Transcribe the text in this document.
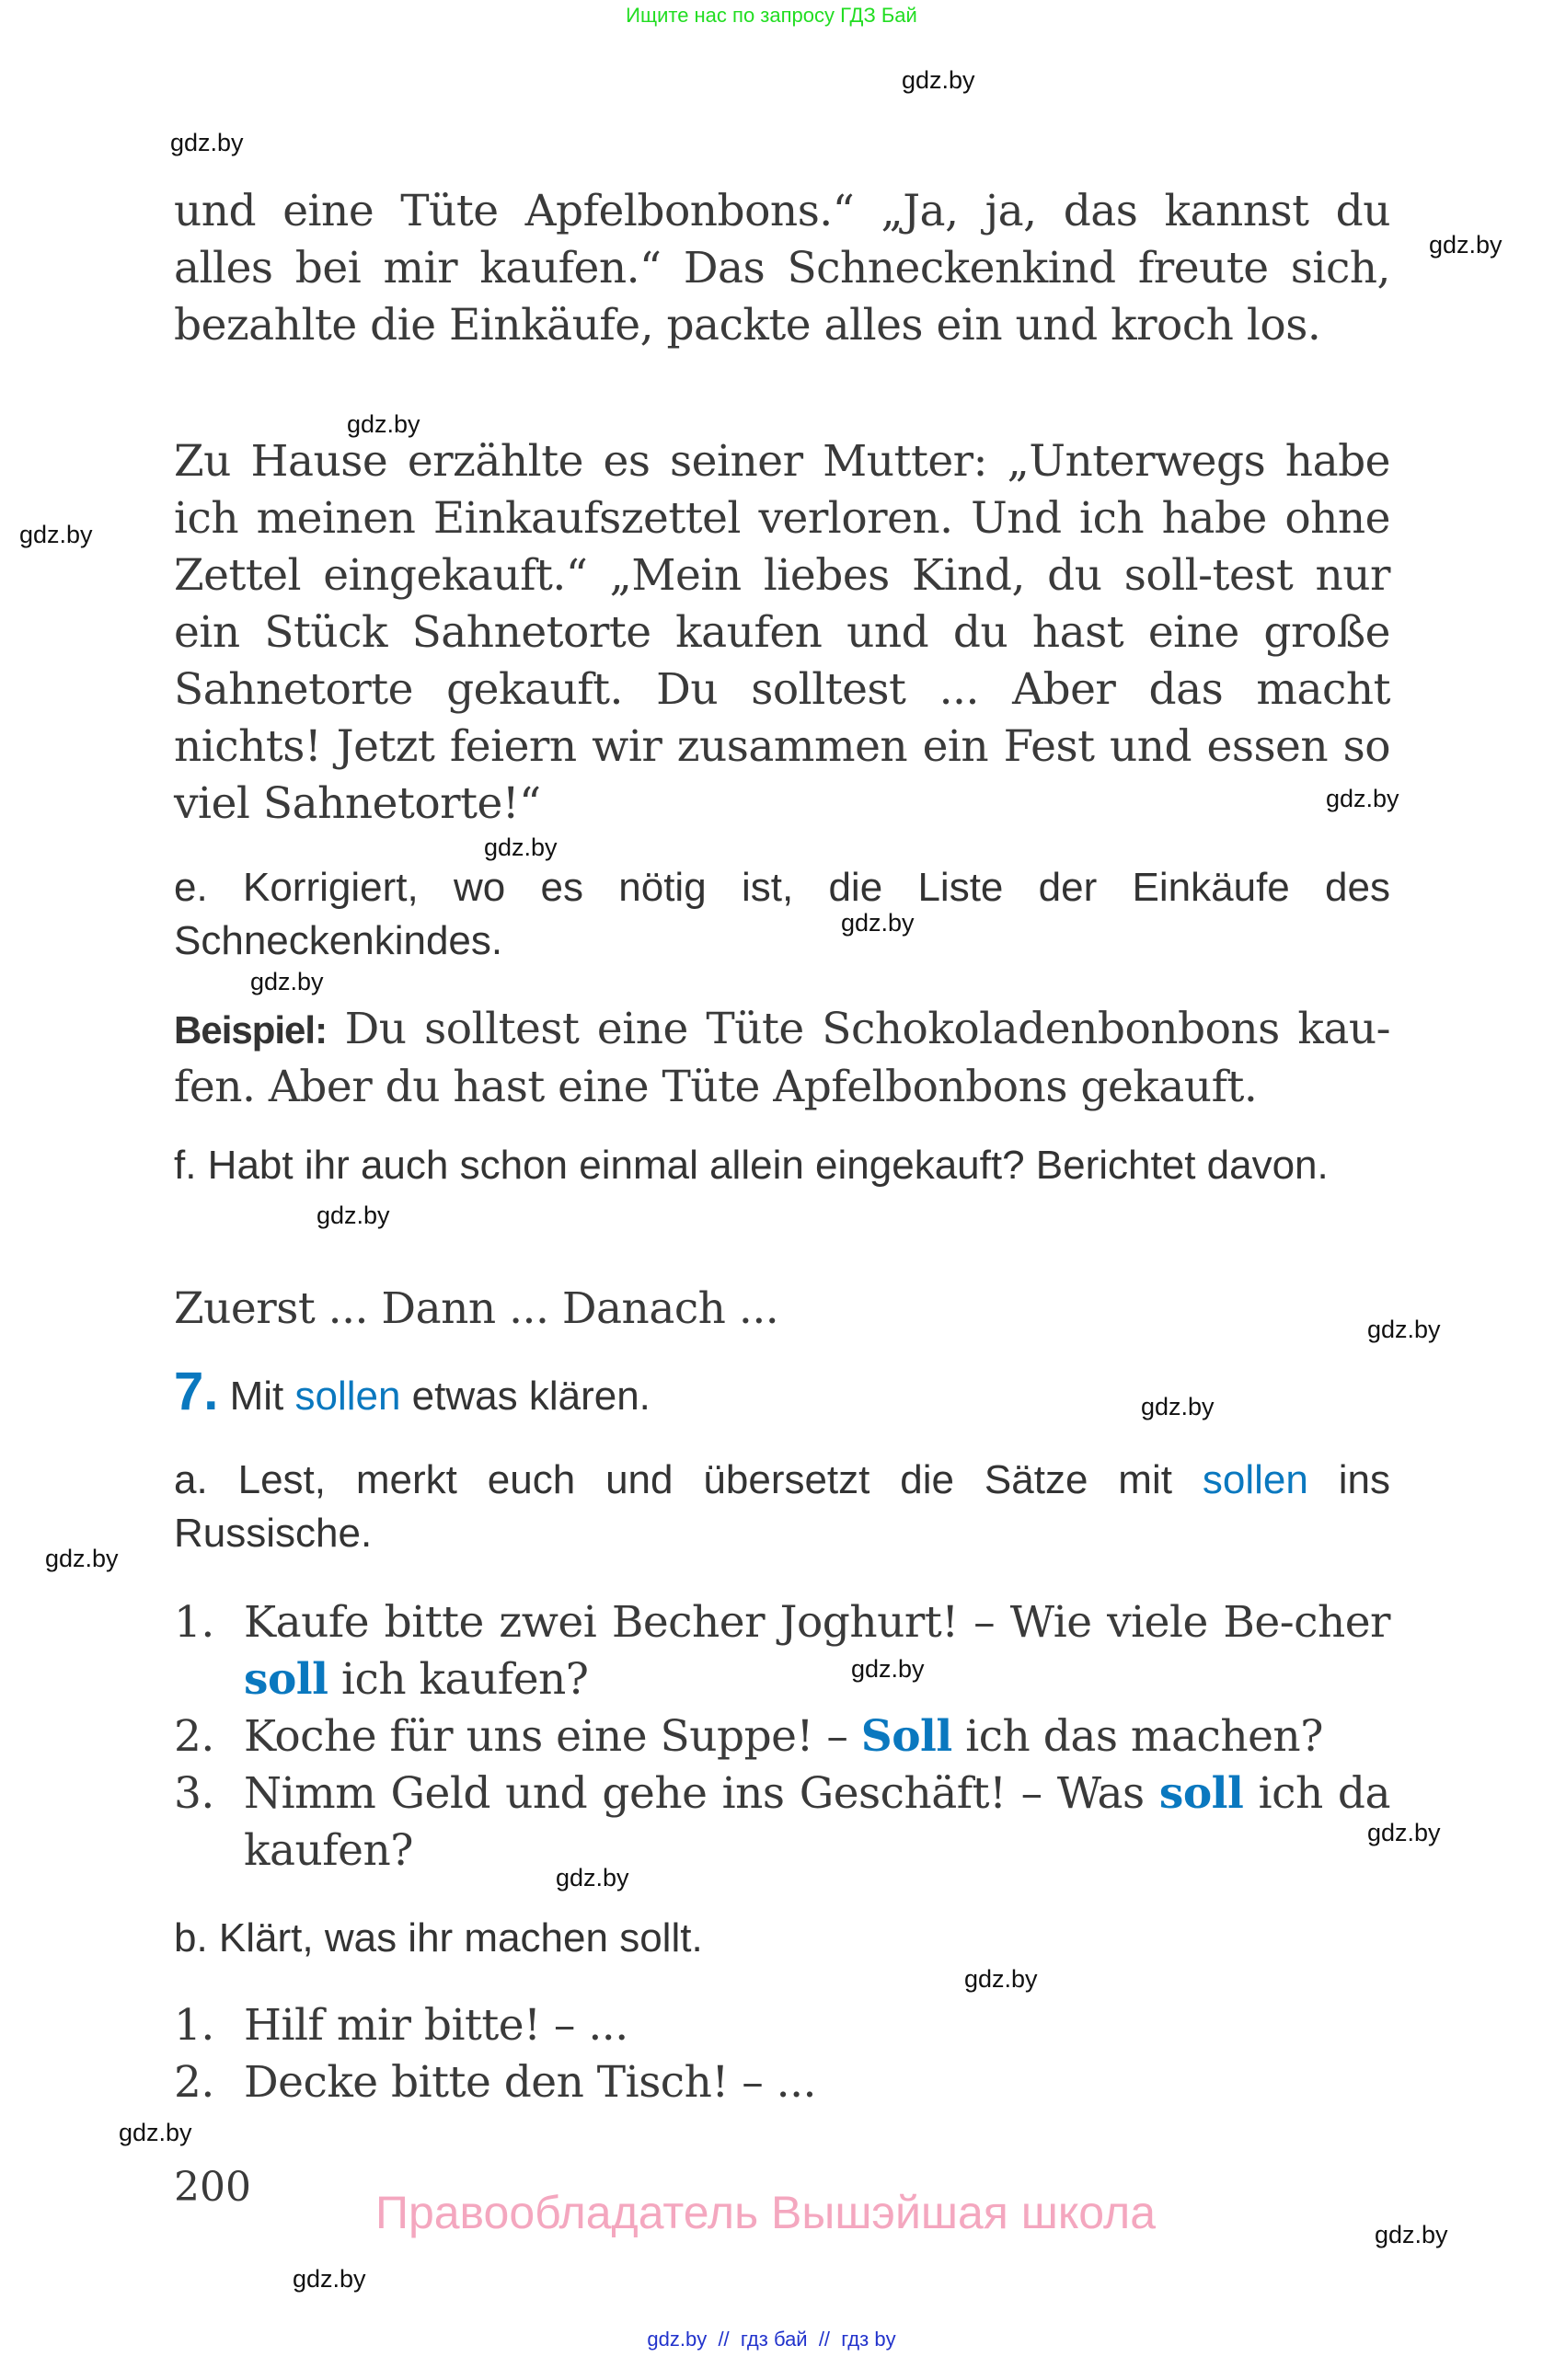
Ищите нас по запросу ГДЗ Бай
gdz.by
gdz.by
gdz.by
gdz.by
gdz.by
gdz.by
gdz.by
gdz.by
gdz.by
gdz.by
gdz.by
gdz.by
gdz.by
gdz.by
gdz.by
gdz.by
gdz.by
gdz.by
gdz.by
gdz.by
und eine Tüte Apfelbonbons.“ „Ja, ja, das kannst du alles bei mir kaufen.“ Das Schneckenkind freute sich, bezahlte die Einkäufe, packte alles ein und kroch los.
Zu Hause erzählte es seiner Mutter: „Unterwegs habe ich meinen Einkaufszettel verloren. Und ich habe ohne Zettel eingekauft.“ „Mein liebes Kind, du soll-test nur ein Stück Sahnetorte kaufen und du hast eine große Sahnetorte gekauft. Du solltest ... Aber das macht nichts! Jetzt feiern wir zusammen ein Fest und essen so viel Sahnetorte!“
e. Korrigiert, wo es nötig ist, die Liste der Einkäufe des Schneckenkindes.
Beispiel: Du solltest eine Tüte Schokoladenbonbons kau-fen. Aber du hast eine Tüte Apfelbonbons gekauft.
f. Habt ihr auch schon einmal allein eingekauft? Berichtet davon.
Zuerst ... Dann ... Danach ...
7. Mit sollen etwas klären.
a. Lest, merkt euch und übersetzt die Sätze mit sollen ins Russische.
1. Kaufe bitte zwei Becher Joghurt! – Wie viele Be-cher soll ich kaufen?
2. Koche für uns eine Suppe! – Soll ich das machen?
3. Nimm Geld und gehe ins Geschäft! – Was soll ich da kaufen?
b. Klärt, was ihr machen sollt.
1. Hilf mir bitte! – ...
2. Decke bitte den Tisch! – ...
200	Правообладатель Вышэйшая школа
gdz.by  //  гдз бай  //  гдз by
